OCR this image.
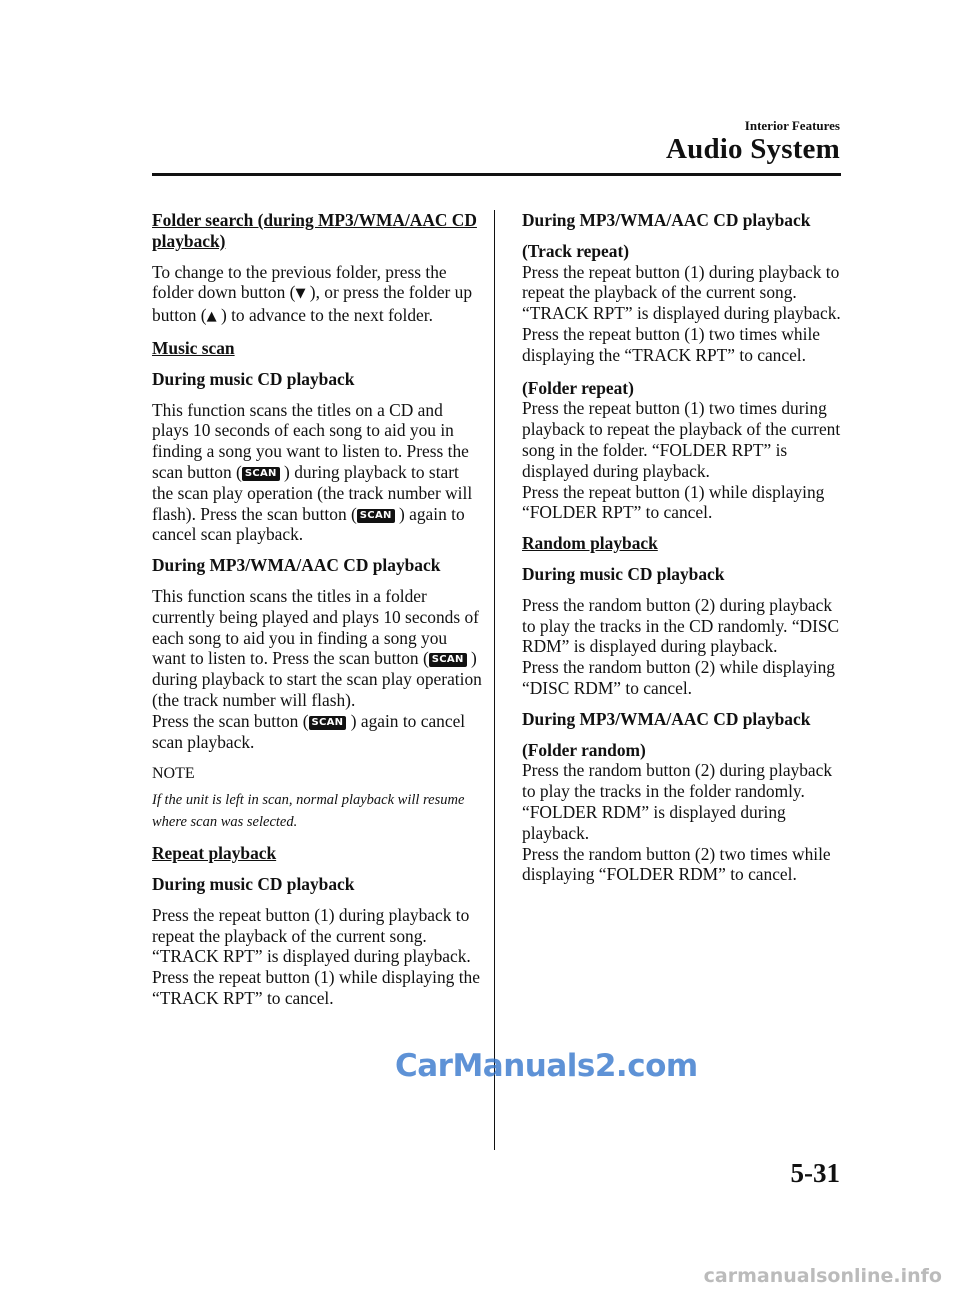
Interior Features
Audio System

Folder search (during MP3/WMA/AAC CD playback)

To change to the previous folder, press the folder down button (▼ ), or press the folder up button (▲ ) to advance to the next folder.

Music scan

During music CD playback

This function scans the titles on a CD and plays 10 seconds of each song to aid you in finding a song you want to listen to. Press the scan button ( SCAN ) during playback to start the scan play operation (the track number will flash). Press the scan button ( SCAN ) again to cancel scan playback.

During MP3/WMA/AAC CD playback

This function scans the titles in a folder currently being played and plays 10 seconds of each song to aid you in finding a song you want to listen to. Press the scan button ( SCAN ) during playback to start the scan play operation (the track number will flash).

Press the scan button ( SCAN ) again to cancel scan playback.

NOTE

If the unit is left in scan, normal playback will resume where scan was selected.

Repeat playback

During music CD playback

Press the repeat button (1) during playback to repeat the playback of the current song. “TRACK RPT” is displayed during playback.

Press the repeat button (1) while displaying the “TRACK RPT” to cancel.

During MP3/WMA/AAC CD playback

(Track repeat)
Press the repeat button (1) during playback to repeat the playback of the current song. “TRACK RPT” is displayed during playback.
Press the repeat button (1) two times while displaying the “TRACK RPT” to cancel.
(Folder repeat)
Press the repeat button (1) two times during playback to repeat the playback of the current song in the folder. “FOLDER RPT” is displayed during playback.

Press the repeat button (1) while displaying “FOLDER RPT” to cancel.

Random playback

During music CD playback

Press the random button (2) during playback to play the tracks in the CD randomly. “DISC RDM” is displayed during playback.

Press the random button (2) while displaying “DISC RDM” to cancel.

During MP3/WMA/AAC CD playback

(Folder random)
Press the random button (2) during playback to play the tracks in the folder randomly. “FOLDER RDM” is displayed during playback.
Press the random button (2) two times while displaying “FOLDER RDM” to cancel.
CarManuals2.com
5-31
carmanualsonline.info
